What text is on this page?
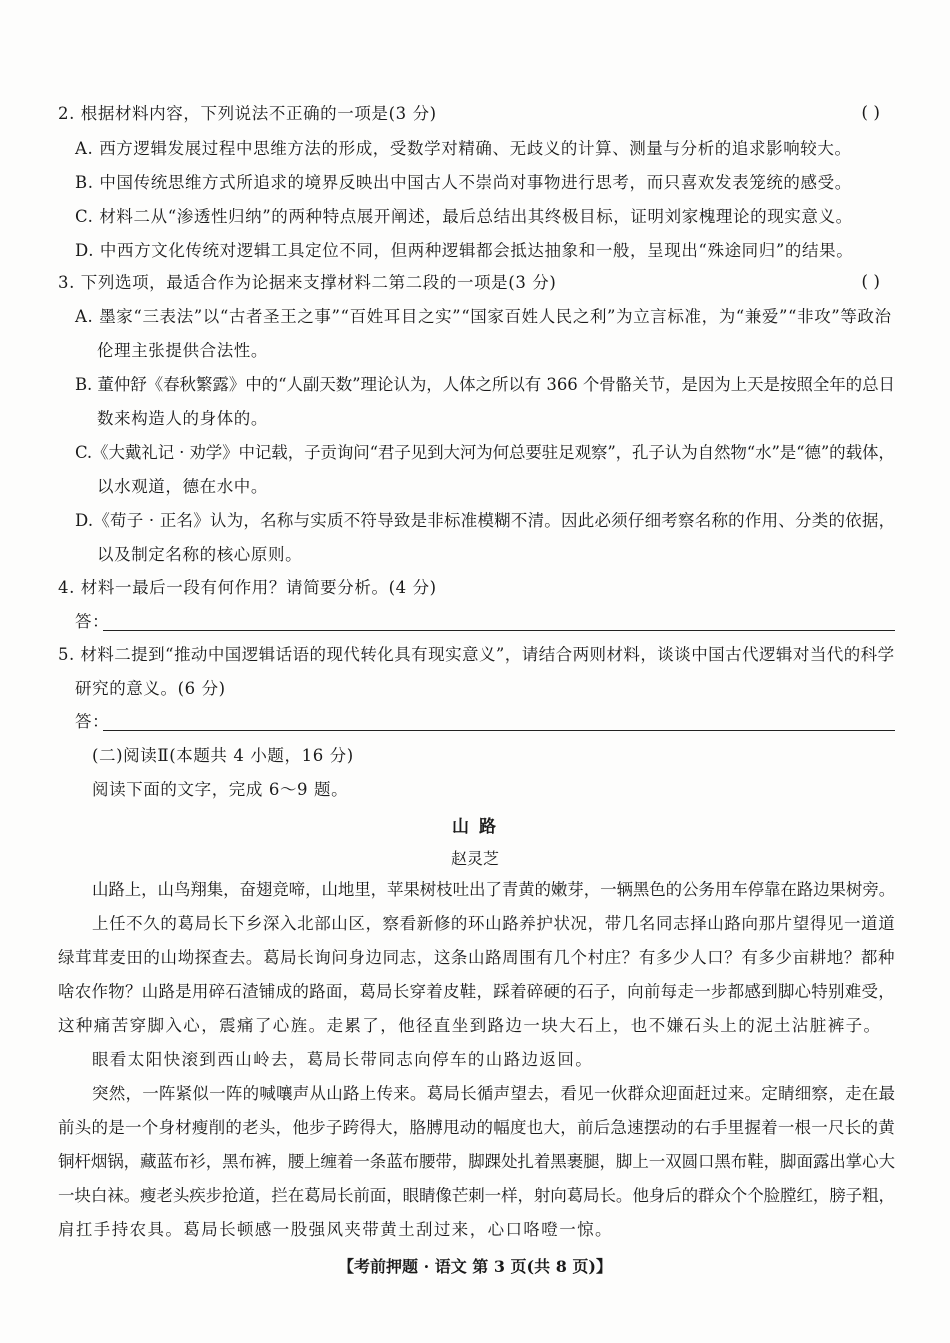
2. 根据材料内容，下列说法不正确的一项是(3 分)	( )
A. 西方逻辑发展过程中思维方法的形成，受数学对精确、无歧义的计算、测量与分析的追求影响较大。
B. 中国传统思维方式所追求的境界反映出中国古人不崇尚对事物进行思考，而只喜欢发表笼统的感受。
C. 材料二从“渗透性归纳”的两种特点展开阐述，最后总结出其终极目标，证明刘家槐理论的现实意义。
D. 中西方文化传统对逻辑工具定位不同，但两种逻辑都会抵达抽象和一般，呈现出“殊途同归”的结果。
3. 下列选项，最适合作为论据来支撑材料二第二段的一项是(3 分)	( )
A. 墨家“三表法”以“古者圣王之事”“百姓耳目之实”“国家百姓人民之利”为立言标准，为“兼爱”“非攻”等政治
伦理主张提供合法性。
B. 董仲舒《春秋繁露》中的“人副天数”理论认为，人体之所以有 366 个骨骼关节，是因为上天是按照全年的总日
数来构造人的身体的。
C.《大戴礼记 · 劝学》中记载，子贡询问“君子见到大河为何总要驻足观察”，孔子认为自然物“水”是“德”的载体，
以水观道，德在水中。
D.《荀子 · 正名》认为，名称与实质不符导致是非标准模糊不清。因此必须仔细考察名称的作用、分类的依据，
以及制定名称的核心原则。
4. 材料一最后一段有何作用？请简要分析。(4 分)
答：
5. 材料二提到“推动中国逻辑话语的现代转化具有现实意义”，请结合两则材料，谈谈中国古代逻辑对当代的科学
研究的意义。(6 分)
答：
(二)阅读Ⅱ(本题共 4 小题，16 分)
阅读下面的文字，完成 6～9 题。
山 路
赵灵芝
山路上，山鸟翔集，奋翅竞啼，山地里，苹果树枝吐出了青黄的嫩芽，一辆黑色的公务用车停靠在路边果树旁。
上任不久的葛局长下乡深入北部山区，察看新修的环山路养护状况，带几名同志择山路向那片望得见一道道
绿茸茸麦田的山坳探查去。葛局长询问身边同志，这条山路周围有几个村庄？有多少人口？有多少亩耕地？都种
啥农作物？山路是用碎石渣铺成的路面，葛局长穿着皮鞋，踩着碎硬的石子，向前每走一步都感到脚心特别难受，
这种痛苦穿脚入心，震痛了心旌。走累了，他径直坐到路边一块大石上，也不嫌石头上的泥土沾脏裤子。
眼看太阳快滚到西山岭去，葛局长带同志向停车的山路边返回。
突然，一阵紧似一阵的喊嚷声从山路上传来。葛局长循声望去，看见一伙群众迎面赶过来。定睛细察，走在最
前头的是一个身材瘦削的老头，他步子跨得大，胳膊甩动的幅度也大，前后急速摆动的右手里握着一根一尺长的黄
铜杆烟锅，藏蓝布衫，黑布裤，腰上缠着一条蓝布腰带，脚踝处扎着黑裹腿，脚上一双圆口黑布鞋，脚面露出掌心大
一块白袜。瘦老头疾步抢道，拦在葛局长前面，眼睛像芒刺一样，射向葛局长。他身后的群众个个脸膛红，膀子粗，
肩扛手持农具。葛局长顿感一股强风夹带黄土刮过来，心口咯噔一惊。
【考前押题 · 语文 第 3 页(共 8 页)】
